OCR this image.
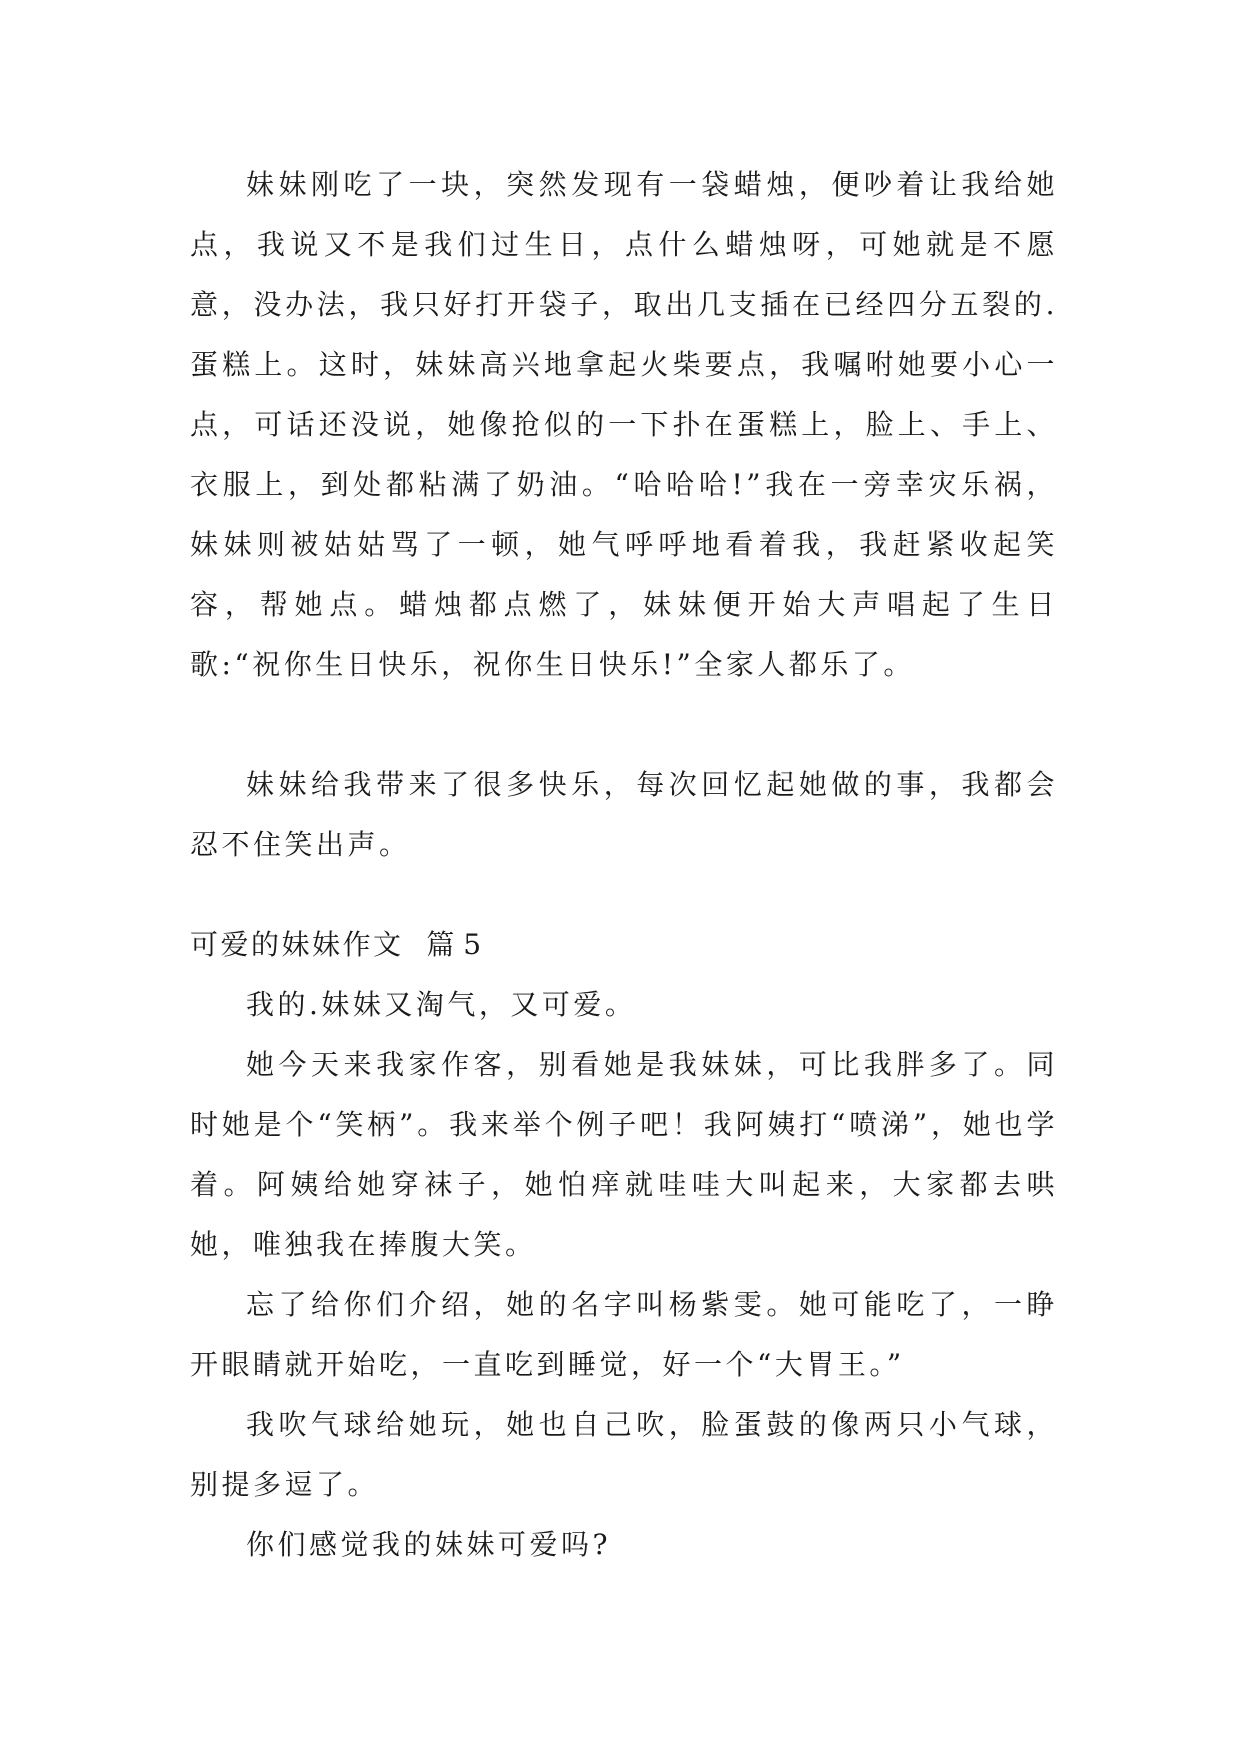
妹妹刚吃了一块，突然发现有一袋蜡烛，便吵着让我给她点，我说又不是我们过生日，点什么蜡烛呀，可她就是不愿意，没办法，我只好打开袋子，取出几支插在已经四分五裂的.蛋糕上。这时，妹妹高兴地拿起火柴要点，我嘱咐她要小心一点，可话还没说，她像抢似的一下扑在蛋糕上，脸上、手上、衣服上，到处都粘满了奶油。“哈哈哈!”我在一旁幸灾乐祸，妹妹则被姑姑骂了一顿，她气呼呼地看着我，我赶紧收起笑容，帮她点。蜡烛都点燃了，妹妹便开始大声唱起了生日歌:“祝你生日快乐，祝你生日快乐!”全家人都乐了。

妹妹给我带来了很多快乐，每次回忆起她做的事，我都会忍不住笑出声。

可爱的妹妹作文 篇 5

我的.妹妹又淘气，又可爱。

她今天来我家作客，别看她是我妹妹，可比我胖多了。同时她是个“笑柄”。我来举个例子吧！我阿姨打“喷涕”，她也学着。阿姨给她穿袜子，她怕痒就哇哇大叫起来，大家都去哄她，唯独我在捧腹大笑。

忘了给你们介绍，她的名字叫杨紫雯。她可能吃了，一睁开眼睛就开始吃，一直吃到睡觉，好一个“大胃王。”

我吹气球给她玩，她也自己吹，脸蛋鼓的像两只小气球，别提多逗了。

你们感觉我的妹妹可爱吗?
